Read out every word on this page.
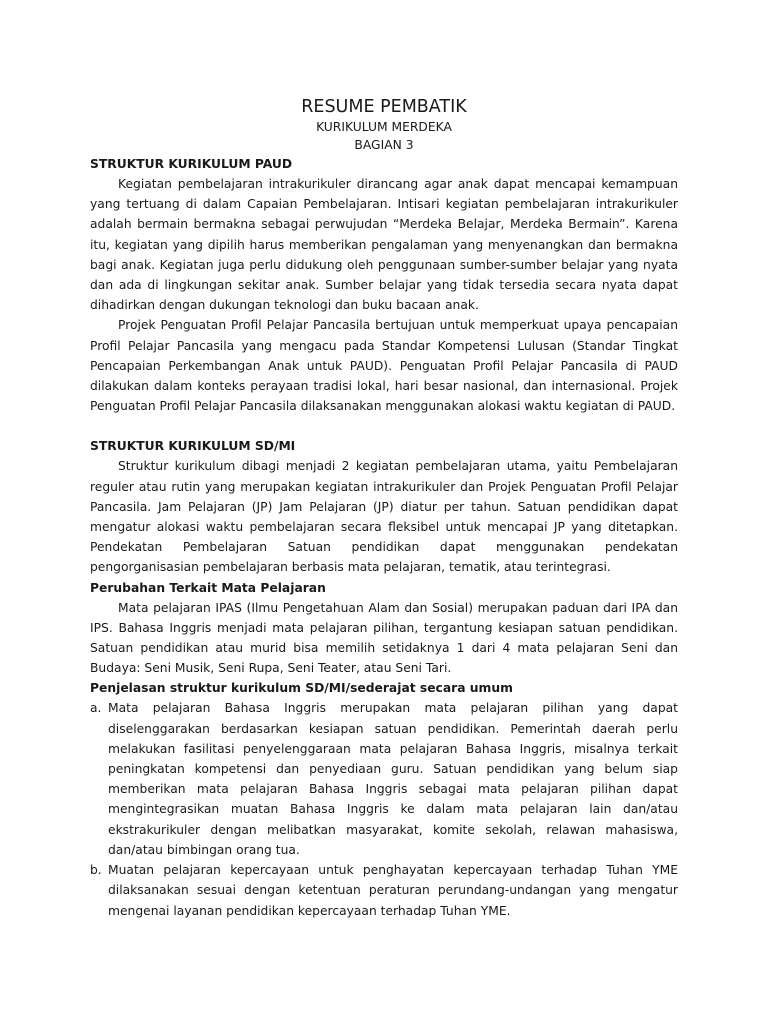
RESUME PEMBATIK
KURIKULUM MERDEKA
BAGIAN 3
STRUKTUR KURIKULUM PAUD

Kegiatan pembelajaran intrakurikuler dirancang agar anak dapat mencapai kemampuan yang tertuang di dalam Capaian Pembelajaran. Intisari kegiatan pembelajaran intrakurikuler adalah bermain bermakna sebagai perwujudan “Merdeka Belajar, Merdeka Bermain”. Karena itu, kegiatan yang dipilih harus memberikan pengalaman yang menyenangkan dan bermakna bagi anak. Kegiatan juga perlu didukung oleh penggunaan sumber-sumber belajar yang nyata dan ada di lingkungan sekitar anak. Sumber belajar yang tidak tersedia secara nyata dapat dihadirkan dengan dukungan teknologi dan buku bacaan anak.

Projek Penguatan Profil Pelajar Pancasila bertujuan untuk memperkuat upaya pencapaian Profil Pelajar Pancasila yang mengacu pada Standar Kompetensi Lulusan (Standar Tingkat Pencapaian Perkembangan Anak untuk PAUD). Penguatan Profil Pelajar Pancasila di PAUD dilakukan dalam konteks perayaan tradisi lokal, hari besar nasional, dan internasional. Projek Penguatan Profil Pelajar Pancasila dilaksanakan menggunakan alokasi waktu kegiatan di PAUD.

STRUKTUR KURIKULUM SD/MI

Struktur kurikulum dibagi menjadi 2 kegiatan pembelajaran utama, yaitu Pembelajaran reguler atau rutin yang merupakan kegiatan intrakurikuler dan Projek Penguatan Profil Pelajar Pancasila. Jam Pelajaran (JP) Jam Pelajaran (JP) diatur per tahun. Satuan pendidikan dapat mengatur alokasi waktu pembelajaran secara fleksibel untuk mencapai JP yang ditetapkan. Pendekatan Pembelajaran Satuan pendidikan dapat menggunakan pendekatan pengorganisasian pembelajaran berbasis mata pelajaran, tematik, atau terintegrasi.

Perubahan Terkait Mata Pelajaran

Mata pelajaran IPAS (Ilmu Pengetahuan Alam dan Sosial) merupakan paduan dari IPA dan IPS. Bahasa Inggris menjadi mata pelajaran pilihan, tergantung kesiapan satuan pendidikan. Satuan pendidikan atau murid bisa memilih setidaknya 1 dari 4 mata pelajaran Seni dan Budaya: Seni Musik, Seni Rupa, Seni Teater, atau Seni Tari.

Penjelasan struktur kurikulum SD/MI/sederajat secara umum
a. Mata pelajaran Bahasa Inggris merupakan mata pelajaran pilihan yang dapat diselenggarakan berdasarkan kesiapan satuan pendidikan. Pemerintah daerah perlu melakukan fasilitasi penyelenggaraan mata pelajaran Bahasa Inggris, misalnya terkait peningkatan kompetensi dan penyediaan guru. Satuan pendidikan yang belum siap memberikan mata pelajaran Bahasa Inggris sebagai mata pelajaran pilihan dapat mengintegrasikan muatan Bahasa Inggris ke dalam mata pelajaran lain dan/atau ekstrakurikuler dengan melibatkan masyarakat, komite sekolah, relawan mahasiswa, dan/atau bimbingan orang tua.
b. Muatan pelajaran kepercayaan untuk penghayatan kepercayaan terhadap Tuhan YME dilaksanakan sesuai dengan ketentuan peraturan perundang-undangan yang mengatur mengenai layanan pendidikan kepercayaan terhadap Tuhan YME.
